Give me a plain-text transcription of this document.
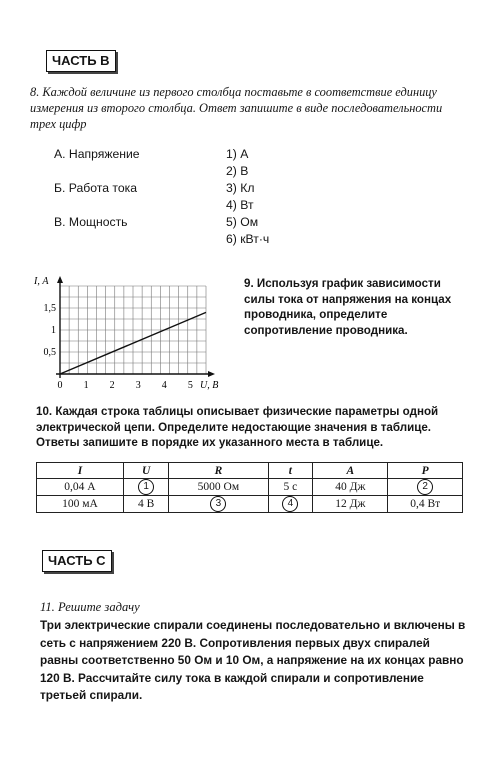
ЧАСТЬ В
8. Каждой величине из первого столбца поставьте в соответствие единицу измерения из второго столбца. Ответ запишите в виде последовательности трех цифр
А. Напряжение
Б. Работа тока
В. Мощность
1) А
2) В
3) Кл
4) Вт
5) Ом
6) кВт·ч
I, А
U, В
1,5
1
0,5
0 1 2 3 4 5
9. Используя график зависимости силы тока от напряжения на концах проводника, определите сопротивление проводника.
10. Каждая строка таблицы описывает физические параметры одной электрической цепи. Определите недостающие значения в таблице. Ответы запишите в порядке их указанного места в таблице.
I	U	R	t	A	P
0,04 А	1	5000 Ом	5 с	40 Дж	2
100 мА	4 В	3	4	12 Дж	0,4 Вт
ЧАСТЬ С
11. Решите задачу
Три электрические спирали соединены последовательно и включены в сеть с напряжением 220 В. Сопротивления первых двух спиралей равны соответственно 50 Ом и 10 Ом, а напряжение на их концах равно 120 В. Рассчитайте силу тока в каждой спирали и сопротивление третьей спирали.
